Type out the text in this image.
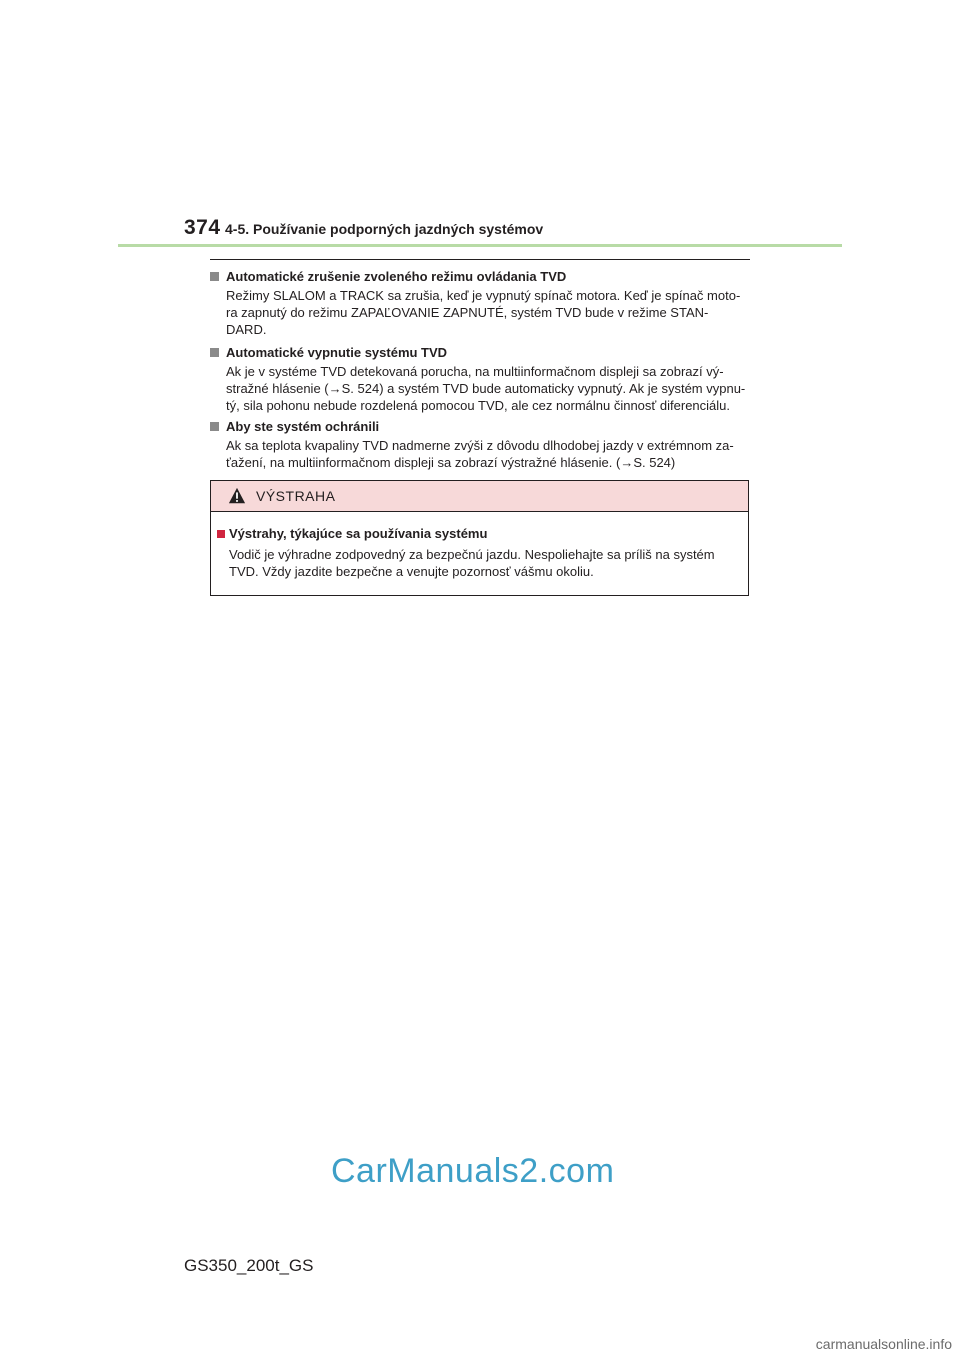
374 4-5. Používanie podporných jazdných systémov
Automatické zrušenie zvoleného režimu ovládania TVD

Režimy SLALOM a TRACK sa zrušia, keď je vypnutý spínač motora. Keď je spínač moto-

ra zapnutý do režimu ZAPAĽOVANIE ZAPNUTÉ, systém TVD bude v režime STAN-

DARD.

Automatické vypnutie systému TVD

Ak je v systéme TVD detekovaná porucha, na multiinformačnom displeji sa zobrazí vý-

stražné hlásenie (→S. 524) a systém TVD bude automaticky vypnutý. Ak je systém vypnu-

tý, sila pohonu nebude rozdelená pomocou TVD, ale cez normálnu činnosť diferenciálu.

Aby ste systém ochránili

Ak sa teplota kvapaliny TVD nadmerne zvýši z dôvodu dlhodobej jazdy v extrémnom za-

ťažení, na multiinformačnom displeji sa zobrazí výstražné hlásenie. (→S. 524)

VÝSTRAHA
Výstrahy, týkajúce sa používania systému
Vodič je výhradne zodpovedný za bezpečnú jazdu. Nespoliehajte sa príliš na systém
TVD. Vždy jazdite bezpečne a venujte pozornosť vášmu okoliu.
CarManuals2.com
GS350_200t_GS
carmanualsonline.info
